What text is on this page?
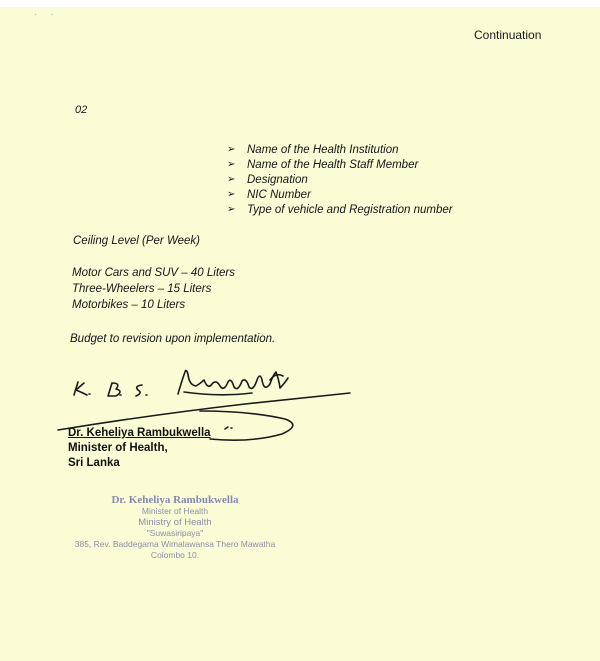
· ·
Continuation
02
➢	Name of the Health Institution
➢	Name of the Health Staff Member
➢	Designation
➢	NIC Number
➢	Type of vehicle and Registration number
Ceiling Level (Per Week)
Motor Cars and SUV – 40 Liters
Three-Wheelers – 15 Liters
Motorbikes – 10 Liters
Budget to revision upon implementation.
Dr. Keheliya Rambukwella
Minister of Health,
Sri Lanka
Dr. Keheliya Rambukwella
Minister of Health
Ministry of Health
"Suwasiripaya"
385, Rev. Baddegama Wimalawansa Thero Mawatha
Colombo 10.
